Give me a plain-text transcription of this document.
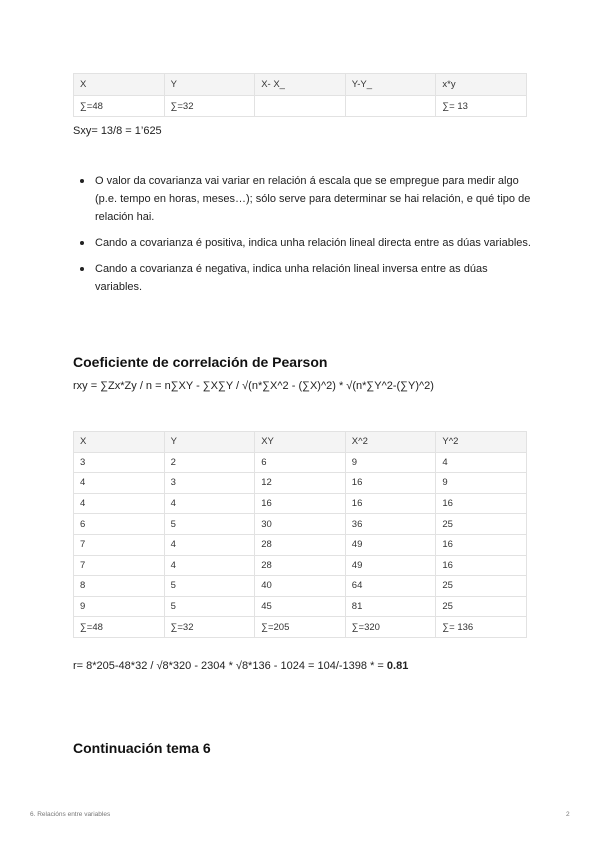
X	Y	X- X_	Y-Y_	x*y
∑=48	∑=32			∑= 13
Sxy= 13/8 = 1’625
O valor da covarianza vai variar en relación á escala que se empregue para medir algo (p.e. tempo en horas, meses…); sólo serve para determinar se hai relación, e qué tipo de relación hai.
Cando a covarianza é positiva, indica unha relación lineal directa entre as dúas variables.
Cando a covarianza é negativa, indica unha relación lineal inversa entre as dúas variables.
Coeficiente de correlación de Pearson
rxy = ∑Zx*Zy / n = n∑XY - ∑X∑Y / √(n*∑X^2 - (∑X)^2) * √(n*∑Y^2-(∑Y)^2)
X	Y	XY	X^2	Y^2
3	2	6	9	4
4	3	12	16	9
4	4	16	16	16
6	5	30	36	25
7	4	28	49	16
7	4	28	49	16
8	5	40	64	25
9	5	45	81	25
∑=48	∑=32	∑=205	∑=320	∑= 136
r= 8*205-48*32 / √8*320 - 2304 * √8*136 - 1024 = 104/-1398 * = 0.81
Continuación tema 6
6. Relacións entre variables	2
